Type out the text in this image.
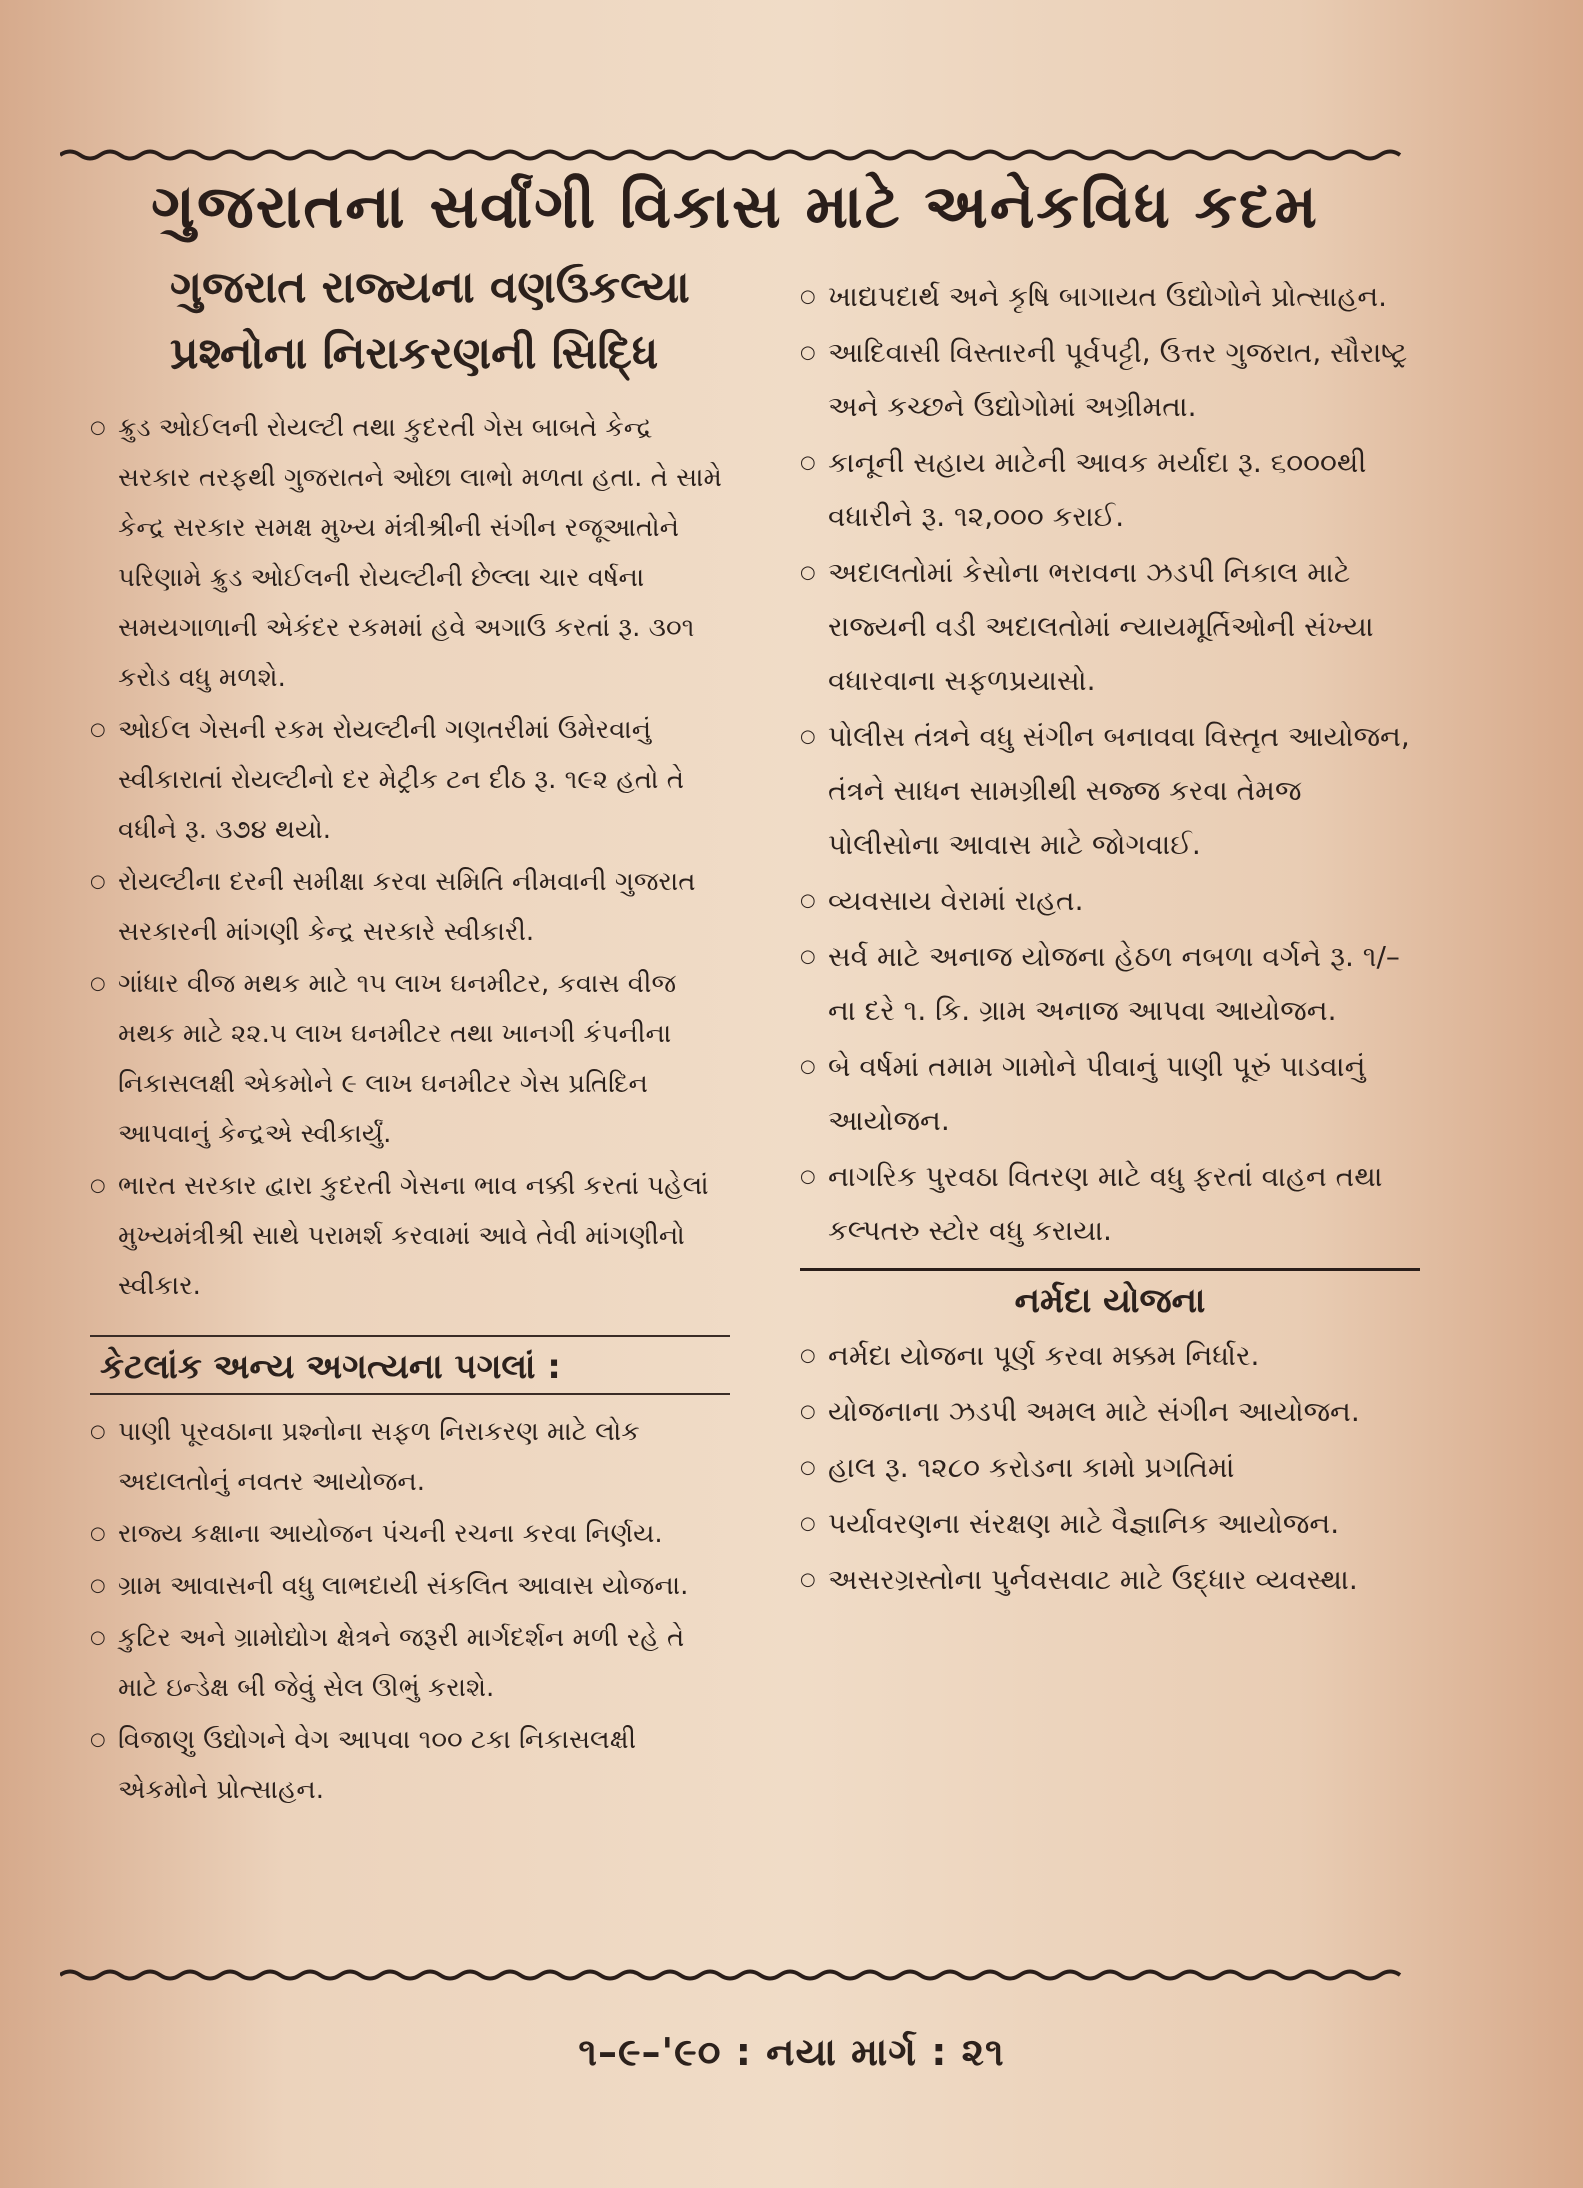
ગુજરાતના સર્વાંગી વિકાસ માટે અનેકવિધ કદમ
ગુજરાત રાજ્યના વણઉકલ્યા
પ્રશ્નોના નિરાકરણની સિદ્ધિ
○ ક્રુડ ઓઈલની રોયલ્ટી તથા કુદરતી ગેસ બાબતે કેન્દ્ર સરકાર તરફથી ગુજરાતને ઓછા લાભો મળતા હતા. તે સામે કેન્દ્ર સરકાર સમક્ષ મુખ્ય મંત્રીશ્રીની સંગીન રજૂઆતોને પરિણામે ક્રુડ ઓઈલની રોયલ્ટીની છેલ્લા ચાર વર્ષના સમયગાળાની એકંદર રકમમાં હવે અગાઉ કરતાં રૂ. ૩૦૧ કરોડ વધુ મળશે.
○ ઓઈલ ગેસની રકમ રોયલ્ટીની ગણતરીમાં ઉમેરવાનું સ્વીકારાતાં રોયલ્ટીનો દર મેટ્રીક ટન દીઠ રૂ. ૧૯૨ હતો તે વધીને રૂ. ૩૭૪ થયો.
○ રોયલ્ટીના દરની સમીક્ષા કરવા સમિતિ નીમવાની ગુજરાત સરકારની માંગણી કેન્દ્ર સરકારે સ્વીકારી.
○ ગાંધાર વીજ મથક માટે ૧૫ લાખ ઘનમીટર, કવાસ વીજ મથક માટે ૨૨.૫ લાખ ઘનમીટર તથા ખાનગી કંપનીના નિકાસલક્ષી એકમોને ૯ લાખ ઘનમીટર ગેસ પ્રતિદિન આપવાનું કેન્દ્રએ સ્વીકાર્યું.
○ ભારત સરકાર દ્વારા કુદરતી ગેસના ભાવ નક્કી કરતાં પહેલાં મુખ્યમંત્રીશ્રી સાથે પરામર્શ કરવામાં આવે તેવી માંગણીનો સ્વીકાર.
કેટલાંક અન્ય અગત્યના પગલાં :
○ પાણી પૂરવઠાના પ્રશ્નોના સફળ નિરાકરણ માટે લોક અદાલતોનું નવતર આયોજન.
○ રાજ્ય કક્ષાના આયોજન પંચની રચના કરવા નિર્ણય.
○ ગ્રામ આવાસની વધુ લાભદાયી સંકલિત આવાસ યોજના.
○ કુટિર અને ગ્રામોદ્યોગ ક્ષેત્રને જરૂરી માર્ગદર્શન મળી રહે તે માટે ઇન્ડેક્ષ બી જેવું સેલ ઊભું કરાશે.
○ વિજાણુ ઉદ્યોગને વેગ આપવા ૧૦૦ ટકા નિકાસલક્ષી એકમોને પ્રોત્સાહન.
○ ખાદ્યપદાર્થ અને કૃષિ બાગાયત ઉદ્યોગોને પ્રોત્સાહન.
○ આદિવાસી વિસ્તારની પૂર્વપટ્ટી, ઉત્તર ગુજરાત, સૌરાષ્ટ્ર અને કચ્છને ઉદ્યોગોમાં અગ્રીમતા.
○ કાનૂની સહાય માટેની આવક મર્યાદા રૂ. ૬૦૦૦થી વધારીને રૂ. ૧૨,૦૦૦ કરાઈ.
○ અદાલતોમાં કેસોના ભરાવના ઝડપી નિકાલ માટે રાજ્યની વડી અદાલતોમાં ન્યાયમૂર્તિઓની સંખ્યા વધારવાના સફળપ્રયાસો.
○ પોલીસ તંત્રને વધુ સંગીન બનાવવા વિસ્તૃત આયોજન, તંત્રને સાધન સામગ્રીથી સજ્જ કરવા તેમજ પોલીસોના આવાસ માટે જોગવાઈ.
○ વ્યવસાય વેરામાં રાહત.
○ સર્વ માટે અનાજ યોજના હેઠળ નબળા વર્ગને રૂ. ૧/–ના દરે ૧. કિ. ગ્રામ અનાજ આપવા આયોજન.
○ બે વર્ષમાં તમામ ગામોને પીવાનું પાણી પૂરું પાડવાનું આયોજન.
○ નાગરિક પુરવઠા વિતરણ માટે વધુ ફરતાં વાહન તથા કલ્પતરુ સ્ટોર વધુ કરાયા.
નર્મદા યોજના
○ નર્મદા યોજના પૂર્ણ કરવા મક્કમ નિર્ધાર.
○ યોજનાના ઝડપી અમલ માટે સંગીન આયોજન.
○ હાલ રૂ. ૧૨૮૦ કરોડના કામો પ્રગતિમાં
○ પર્યાવરણના સંરક્ષણ માટે વૈજ્ઞાનિક આયોજન.
○ અસરગ્રસ્તોના પુર્નવસવાટ માટે ઉદ્ધાર વ્યવસ્થા.
૧–૯–'૯૦ : નયા માર્ગ : ૨૧
